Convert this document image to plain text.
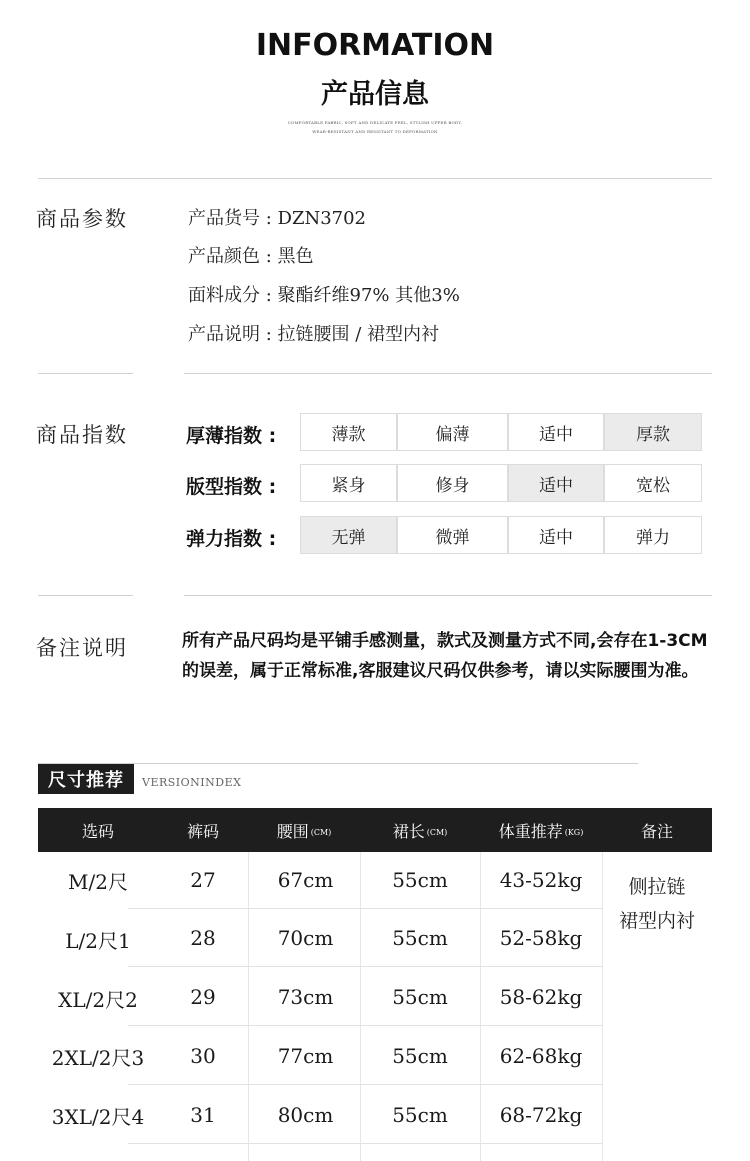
INFORMATION
产品信息
COMFORTABLE FABRIC, SOFT AND DELICATE FEEL, STYLISH UPPER BODY,
WEAR-RESISTANT AND RESISTANT TO DEFORMATION
商品参数	产品货号 : DZN3702
产品颜色 : 黑色
面料成分 : 聚酯纤维97% 其他3%
产品说明 : 拉链腰围 / 裙型内衬
商品指数	厚薄指数 :	薄款	偏薄	适中	厚款
版型指数 :	紧身	修身	适中	宽松
弹力指数 :	无弹	微弹	适中	弹力
备注说明	所有产品尺码均是平铺手感测量，款式及测量方式不同,会存在1-3CM的误差，属于正常标准,客服建议尺码仅供参考，请以实际腰围为准。
尺寸推荐	VERSIONINDEX
选码	裤码	腰围 (CM)	裙长 (CM)	体重推荐 (KG)	备注
M/2尺	27	67cm	55cm	43-52kg
L/2尺1	28	70cm	55cm	52-58kg
XL/2尺2	29	73cm	55cm	58-62kg
2XL/2尺3	30	77cm	55cm	62-68kg
3XL/2尺4	31	80cm	55cm	68-72kg
侧拉链
裙型内衬
